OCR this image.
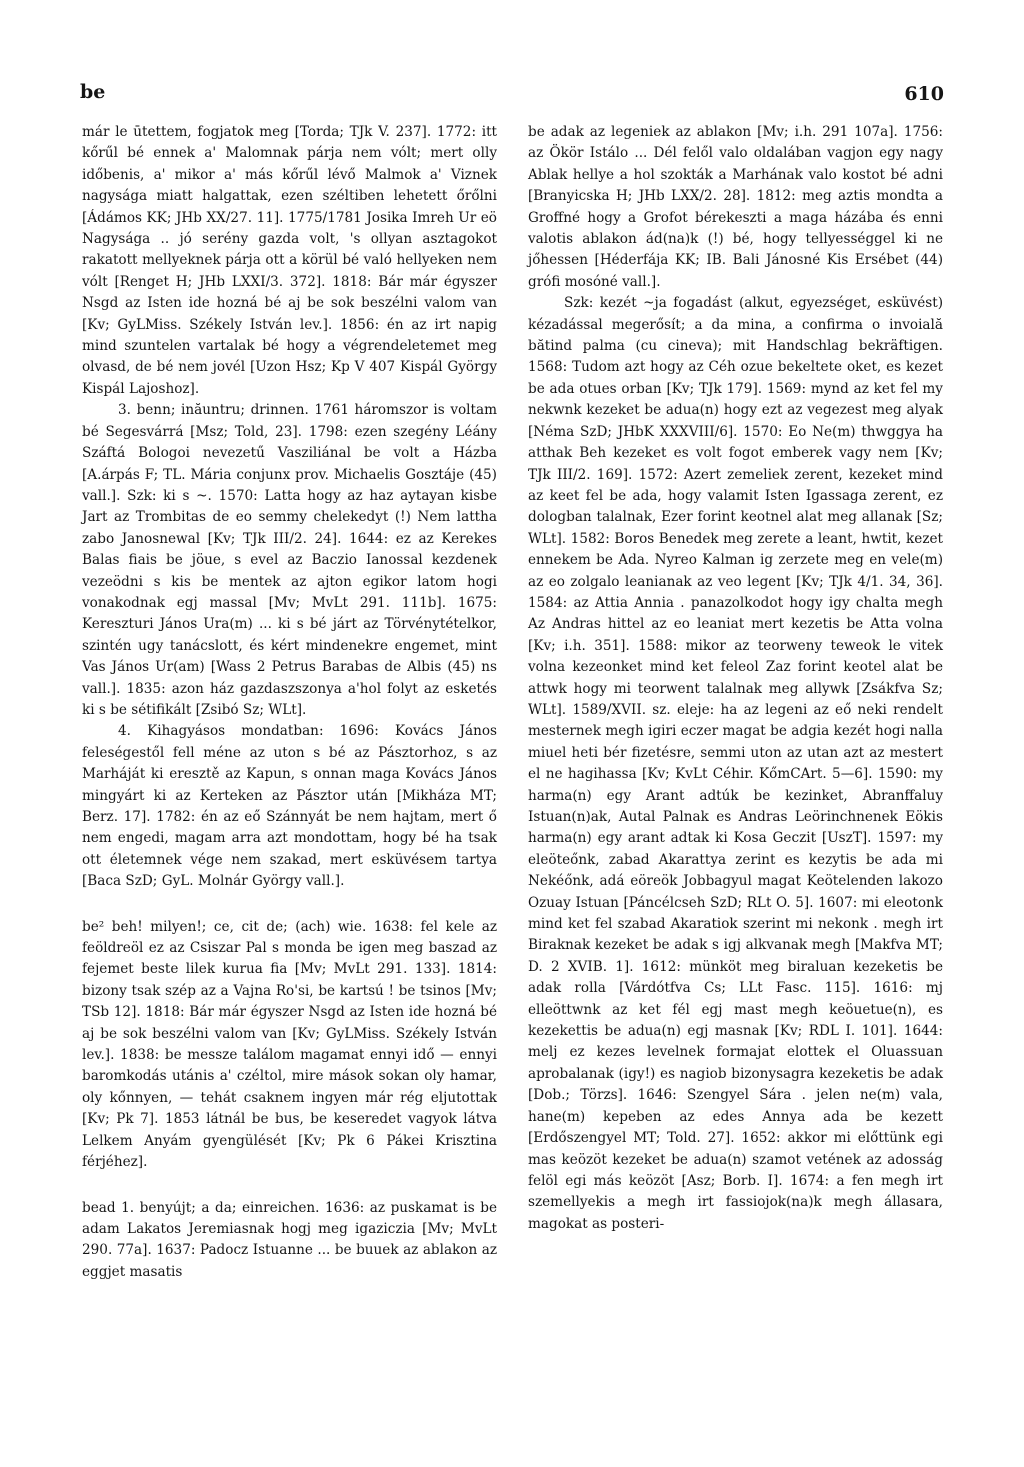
be	610

már le ūtettem, fogjatok meg [Torda; TJk V. 237]. 1772: itt kőrűl bé ennek a' Malomnak párja nem vólt; mert olly időbenis, a' mikor a' más kőrűl lévő Malmok a' Viznek nagysága miatt halgattak, ezen széltiben lehetett őrőlni [Ádámos KK; JHb XX/27. 11]. 1775/1781 Josika Imreh Ur eö Nagysága .. jó serény gazda volt, 's ollyan asztagokot rakatott mellyeknek párja ott a körül bé való hellyeken nem vólt [Renget H; JHb LXXI/3. 372]. 1818: Bár már égyszer Nsgd az Isten ide hozná bé aj be sok beszélni valom van [Kv; GyLMiss. Székely István lev.]. 1856: én az irt napig mind szuntelen vartalak bé hogy a végrendeletemet meg olvasd, de bé nem jovél [Uzon Hsz; Kp V 407 Kispál György Kispál Lajoshoz].

3. benn; inăuntru; drinnen. 1761 háromszor is voltam bé Segesvárrá [Msz; Told, 23]. 1798: ezen szegény Léány Száftá Bologoi nevezetű Vasziliánal be volt a Házba [A.árpás F; TL. Mária conjunx prov. Michaelis Gosztáje (45) vall.]. Szk: ki s ~. 1570: Latta hogy az haz aytayan kisbe Jart az Trombitas de eo semmy chelekedyt (!) Nem lattha zabo Janosnewal [Kv; TJk III/2. 24]. 1644: ez az Kerekes Balas fiais be jöue, s evel az Baczio Ianossal kezdenek vezeödni s kis be mentek az ajton egikor latom hogi vonakodnak egj massal [Mv; MvLt 291. 111b]. 1675: Kereszturi János Ura(m) ... ki s bé járt az Törvénytételkor, szintén ugy tanácslott, és kért mindenekre engemet, mint Vas János Ur(am) [Wass 2 Petrus Barabas de Albis (45) ns vall.]. 1835: azon ház gazdaszszonya a'hol folyt az esketés ki s be sétifikált [Zsibó Sz; WLt].

4. Kihagyásos mondatban: 1696: Kovács János feleségestől fell méne az uton s bé az Pásztorhoz, s az Marháját ki eresztě az Kapun, s onnan maga Kovács János mingyárt ki az Kerteken az Pásztor után [Mikháza MT; Berz. 17]. 1782: én az eő Szánnyát be nem hajtam, mert ő nem engedi, magam arra azt mondottam, hogy bé ha tsak ott életemnek vége nem szakad, mert esküvésem tartya [Baca SzD; GyL. Molnár György vall.].

be² beh! milyen!; ce, cit de; (ach) wie. 1638: fel kele az feöldreöl ez az Csiszar Pal s monda be igen meg baszad az fejemet beste lilek kurua fia [Mv; MvLt 291. 133]. 1814: bizony tsak szép az a Vajna Ro'si, be kartsú ! be tsinos [Mv; TSb 12]. 1818: Bár már égyszer Nsgd az Isten ide hozná bé aj be sok beszélni valom van [Kv; GyLMiss. Székely István lev.]. 1838: be messze találom magamat ennyi idő — ennyi baromkodás utánis a' czéltol, mire mások sokan oly hamar, oly kőnnyen, — tehát csaknem ingyen már rég eljutottak [Kv; Pk 7]. 1853 látnál be bus, be keseredet vagyok látva Lelkem Anyám gyengülését [Kv; Pk 6 Pákei Krisztina férjéhez].

bead 1. benyújt; a da; einreichen. 1636: az puskamat is be adam Lakatos Jeremiasnak hogj meg igaziczia [Mv; MvLt 290. 77a]. 1637: Padocz Istuanne ... be buuek az ablakon az eggjet masatis

be adak az legeniek az ablakon [Mv; i.h. 291 107a]. 1756: az Ökör Istálo ... Dél felől valo oldalában vagjon egy nagy Ablak hellye a hol szokták a Marhának valo kostot bé adni [Branyicska H; JHb LXX/2. 28]. 1812: meg aztis mondta a Groffné hogy a Grofot bérekeszti a maga házába és enni valotis ablakon ád(na)k (!) bé, hogy tellyességgel ki ne jőhessen [Héderfája KK; IB. Bali Jánosné Kis Ersébet (44) grófi mosóné vall.].

Szk: kezét ~ja fogadást (alkut, egyezséget, esküvést) kézadással megerősít; a da mina, a confirma o invoială bătind palma (cu cineva); mit Handschlag bekräftigen. 1568: Tudom azt hogy az Céh ozue bekeltete oket, es kezet be ada otues orban [Kv; TJk 179]. 1569: mynd az ket fel my nekwnk kezeket be adua(n) hogy ezt az vegezest meg alyak [Néma SzD; JHbK XXXVIII/6]. 1570: Eo Ne(m) thwggya ha atthak Beh kezeket es volt fogot emberek vagy nem [Kv; TJk III/2. 169]. 1572: Azert zemeliek zerent, kezeket mind az keet fel be ada, hogy valamit Isten Igassaga zerent, ez dologban talalnak, Ezer forint keotnel alat meg allanak [Sz; WLt]. 1582: Boros Benedek meg zerete a leant, hwtit, kezet ennekem be Ada. Nyreo Kalman ig zerzete meg en vele(m) az eo zolgalo leanianak az veo legent [Kv; TJk 4/1. 34, 36]. 1584: az Attia Annia . panazolkodot hogy igy chalta megh Az Andras hittel az eo leaniat mert kezetis be Atta volna [Kv; i.h. 351]. 1588: mikor az teorweny teweok le vitek volna kezeonket mind ket feleol Zaz forint keotel alat be attwk hogy mi teorwent talalnak meg allywk [Zsákfva Sz; WLt]. 1589/XVII. sz. eleje: ha az legeni az eő neki rendelt mesternek megh igiri eczer magat be adgia kezét hogi nalla miuel heti bér fizetésre, semmi uton az utan azt az mestert el ne hagihassa [Kv; KvLt Céhir. KőmCArt. 5—6]. 1590: my harma(n) egy Arant adtúk be kezinket, Abranffaluy Istuan(n)ak, Autal Palnak es Andras Leörinchnenek Eökis harma(n) egy arant adtak ki Kosa Geczit [UszT]. 1597: my eleöteőnk, zabad Akarattya zerint es kezytis be ada mi Nekéőnk, adá eöreök Jobbagyul magat Keötelenden lakozo Ozuay Istuan [Páncélcseh SzD; RLt O. 5]. 1607: mi eleotonk mind ket fel szabad Akaratiok szerint mi nekonk . megh irt Biraknak kezeket be adak s igj alkvanak megh [Makfva MT; D. 2 XVIB. 1]. 1612: münköt meg biraluan kezeketis be adak rolla [Várdótfva Cs; LLt Fasc. 115]. 1616: mj elleöttwnk az ket fél egj mast megh keöuetue(n), es kezekettis be adua(n) egj masnak [Kv; RDL I. 101]. 1644: melj ez kezes levelnek formajat elottek el Oluassuan aprobalanak (igy!) es nagiob bizonysagra kezeketis be adak [Dob.; Törzs]. 1646: Szengyel Sára . jelen ne(m) vala, hane(m) kepeben az edes Annya ada be kezett [Erdőszengyel MT; Told. 27]. 1652: akkor mi előttünk egi mas keözöt kezeket be adua(n) szamot vetének az adosság felöl egi más keözöt [Asz; Borb. I]. 1674: a fen megh irt szemellyekis a megh irt fassiojok(na)k megh állasara, magokat as posteri-
